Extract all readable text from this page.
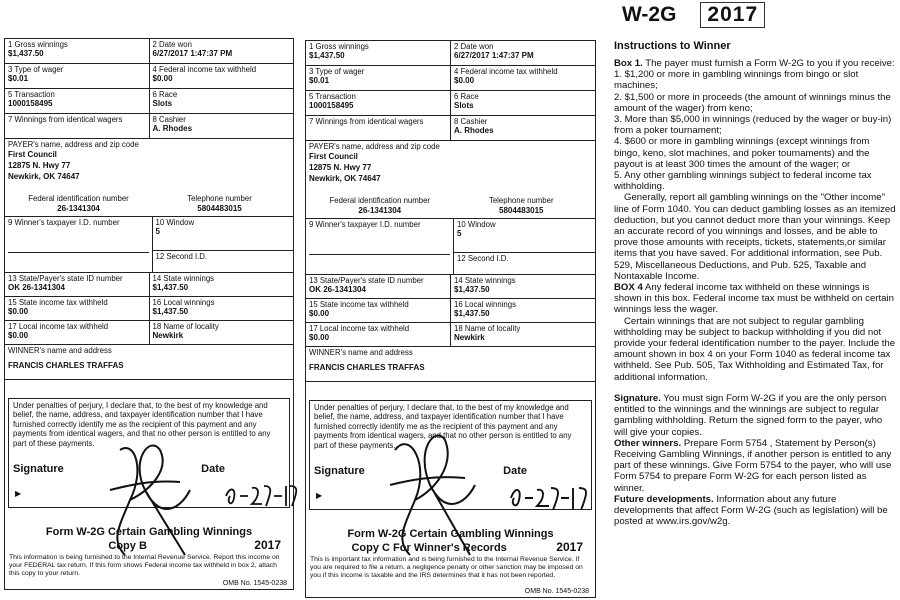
1 Gross winnings
$1,437.50
2 Date won
6/27/2017 1:47:37 PM
3 Type of wager
$0.01
4 Federal income tax withheld
$0.00
5 Transaction
1000158495
6 Race
Slots
7 Winnings from identical wagers	8 Cashier
A. Rhodes
PAYER's name, address and zip code
First Council
12875 N. Hwy 77
Newkirk, OK 74647
Federal identification number
26-1341304
Telephone number
5804483015
9 Winner's taxpayer I.D. number	10 Window
5
12 Second I.D.
13 State/Payer's state ID number
OK 26-1341304
14 State winnings
$1,437.50
15 State income tax withheld
$0.00
16 Local winnings
$1,437.50
17 Local income tax withheld
$0.00
18 Name of locality
Newkirk
WINNER's name and address
FRANCIS CHARLES TRAFFAS

Under penalties of perjury, I declare that, to the best of my knowledge and belief, the name, address, and taxpayer identification number that I have furnished correctly identify me as the recipient of this payment and any payments from identical wagers, and that no other person is entitled to any part of these payments.

Signature	Date
▶
Form W-2G Certain Gambling Winnings
Copy B	2017
This information is being furnished to the Internal Revenue Service. Report this income on your FEDERAL tax return. If this form shows Federal income tax withheld in box 2, attach this copy to your return.
OMB No. 1545-0238
1 Gross winnings
$1,437.50
2 Date won
6/27/2017 1:47:37 PM
3 Type of wager
$0.01
4 Federal income tax withheld
$0.00
5 Transaction
1000158495
6 Race
Slots
7 Winnings from identical wagers	8 Cashier
A. Rhodes
PAYER's name, address and zip code
First Council
12875 N. Hwy 77
Newkirk, OK 74647
Federal identification number
26-1341304
Telephone number
5804483015
9 Winner's taxpayer I.D. number	10 Window
5
12 Second I.D.
13 State/Payer's state ID number
OK 26-1341304
14 State winnings
$1,437.50
15 State income tax withheld
$0.00
16 Local winnings
$1,437.50
17 Local income tax withheld
$0.00
18 Name of locality
Newkirk
WINNER's name and address
FRANCIS CHARLES TRAFFAS

Under penalties of perjury, I declare that, to the best of my knowledge and belief, the name, address, and taxpayer identification number that I have furnished correctly identify me as the recipient of this payment and any payments from identical wagers, and that no other person is entitled to any part of these payments.

Signature	Date
▶
Form W-2G Certain Gambling Winnings
Copy C For Winner's Records	2017
This is important tax information and is being furnished to the Internal Revenue Service. If you are required to file a return, a negligence penalty or other sanction may be imposed on you if this income is taxable and the IRS determines that it has not been reported.
OMB No. 1545-0238
W-2G	2017
Instructions to Winner

Box 1. The payer must furnish a Form W-2G to you if you receive:

1. $1,200 or more in gambling winnings from bingo or slot machines;

2. $1,500 or more in proceeds (the amount of winnings minus the amount of the wager) from keno;

3. More than $5,000 in winnings (reduced by the wager or buy-in) from a poker tournament;

4. $600 or more in gambling winnings (except winnings from bingo, keno, slot machines, and poker tournaments) and the payout is at least 300 times the amount of the wager; or

5. Any other gambling winnings subject to federal income tax withholding.

Generally, report all gambling winnings on the "Other income" line of Form 1040. You can deduct gambling losses as an itemized deduction, but you cannot deduct more than your winnings. Keep an accurate record of you winnings and losses, and be able to prove those amounts with receipts, tickets, statements,or similar items that you have saved. For additional information, see Pub. 529, Miscellaneous Deductions, and Pub. 525, Taxable and Nontaxable Income.

BOX 4 Any federal income tax withheld on these winnings is shown in this box. Federal income tax must be withheld on certain winnings less the wager.

Certain winnings that are not subject to regular gambling withholding may be subject to backup withholding if you did not provide your federal identification number to the payer. Include the amount shown in box 4 on your Form 1040 as federal income tax withheld. See Pub. 505, Tax Withholding and Estimated Tax, for additional information.

Signature. You must sign Form W-2G if you are the only person entitled to the winnings and the winnings are subject to regular gambling withholding. Return the signed form to the payer, who will give your copies.

Other winners. Prepare Form 5754 , Statement by Person(s) Receiving Gambling Winnings, if another person is entitled to any part of these winnings. Give Form 5754 to the payer, who will use Form 5754 to prepare Form W-2G for each person listed as winner.

Future developments. Information about any future developments that affect Form W-2G (such as legislation) will be posted at www.irs.gov/w2g.
